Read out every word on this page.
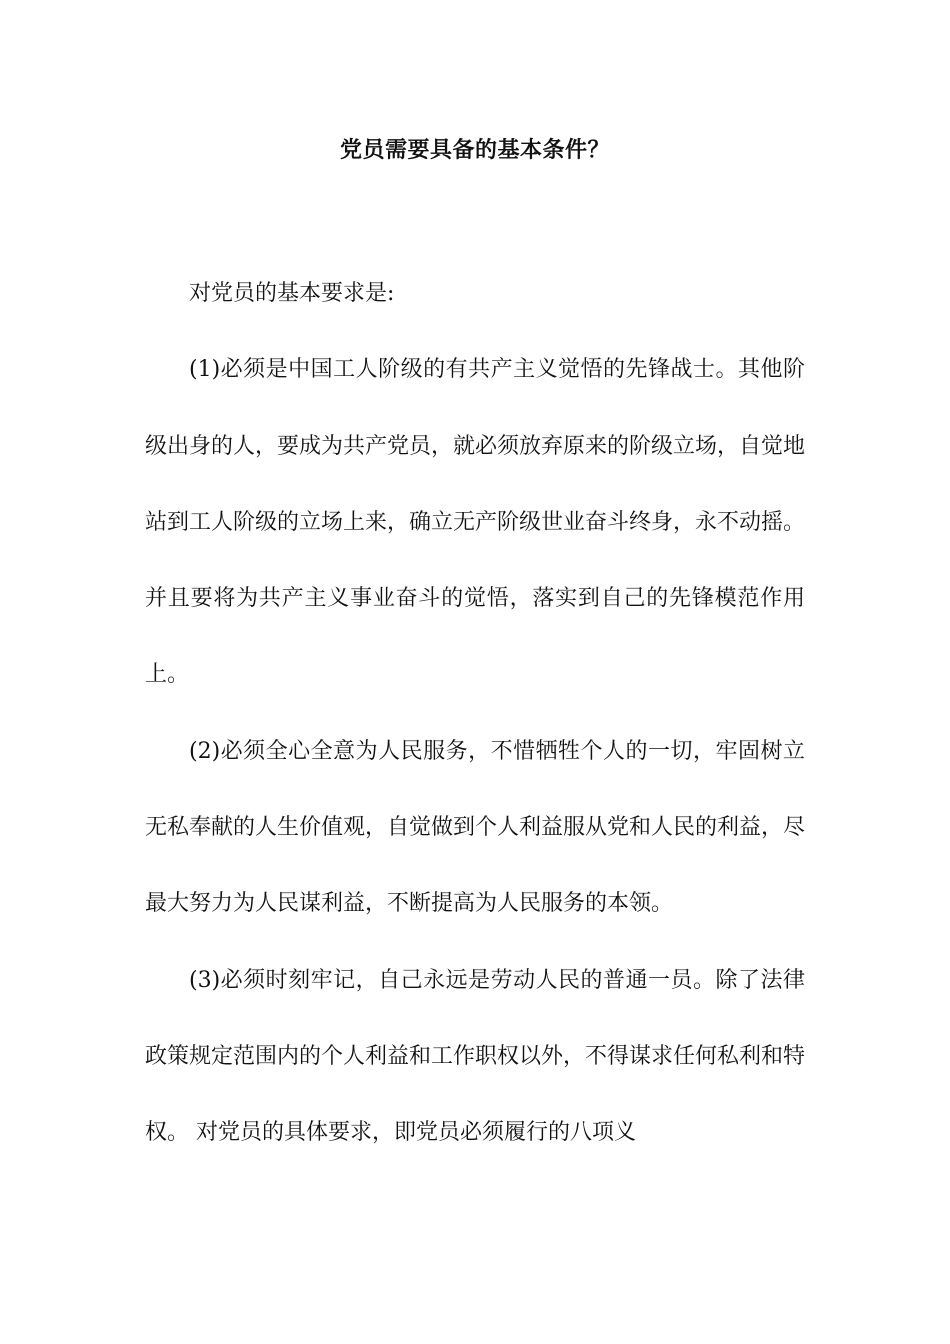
党员需要具备的基本条件？

对党员的基本要求是:

(1)必须是中国工人阶级的有共产主义觉悟的先锋战士。其他阶级出身的人，要成为共产党员，就必须放弃原来的阶级立场，自觉地站到工人阶级的立场上来，确立无产阶级世业奋斗终身，永不动摇。并且要将为共产主义事业奋斗的觉悟，落实到自己的先锋模范作用上。

(2)必须全心全意为人民服务，不惜牺牲个人的一切，牢固树立无私奉献的人生价值观，自觉做到个人利益服从党和人民的利益，尽最大努力为人民谋利益，不断提高为人民服务的本领。

(3)必须时刻牢记，自己永远是劳动人民的普通一员。除了法律政策规定范围内的个人利益和工作职权以外，不得谋求任何私利和特权。 对党员的具体要求，即党员必须履行的八项义
